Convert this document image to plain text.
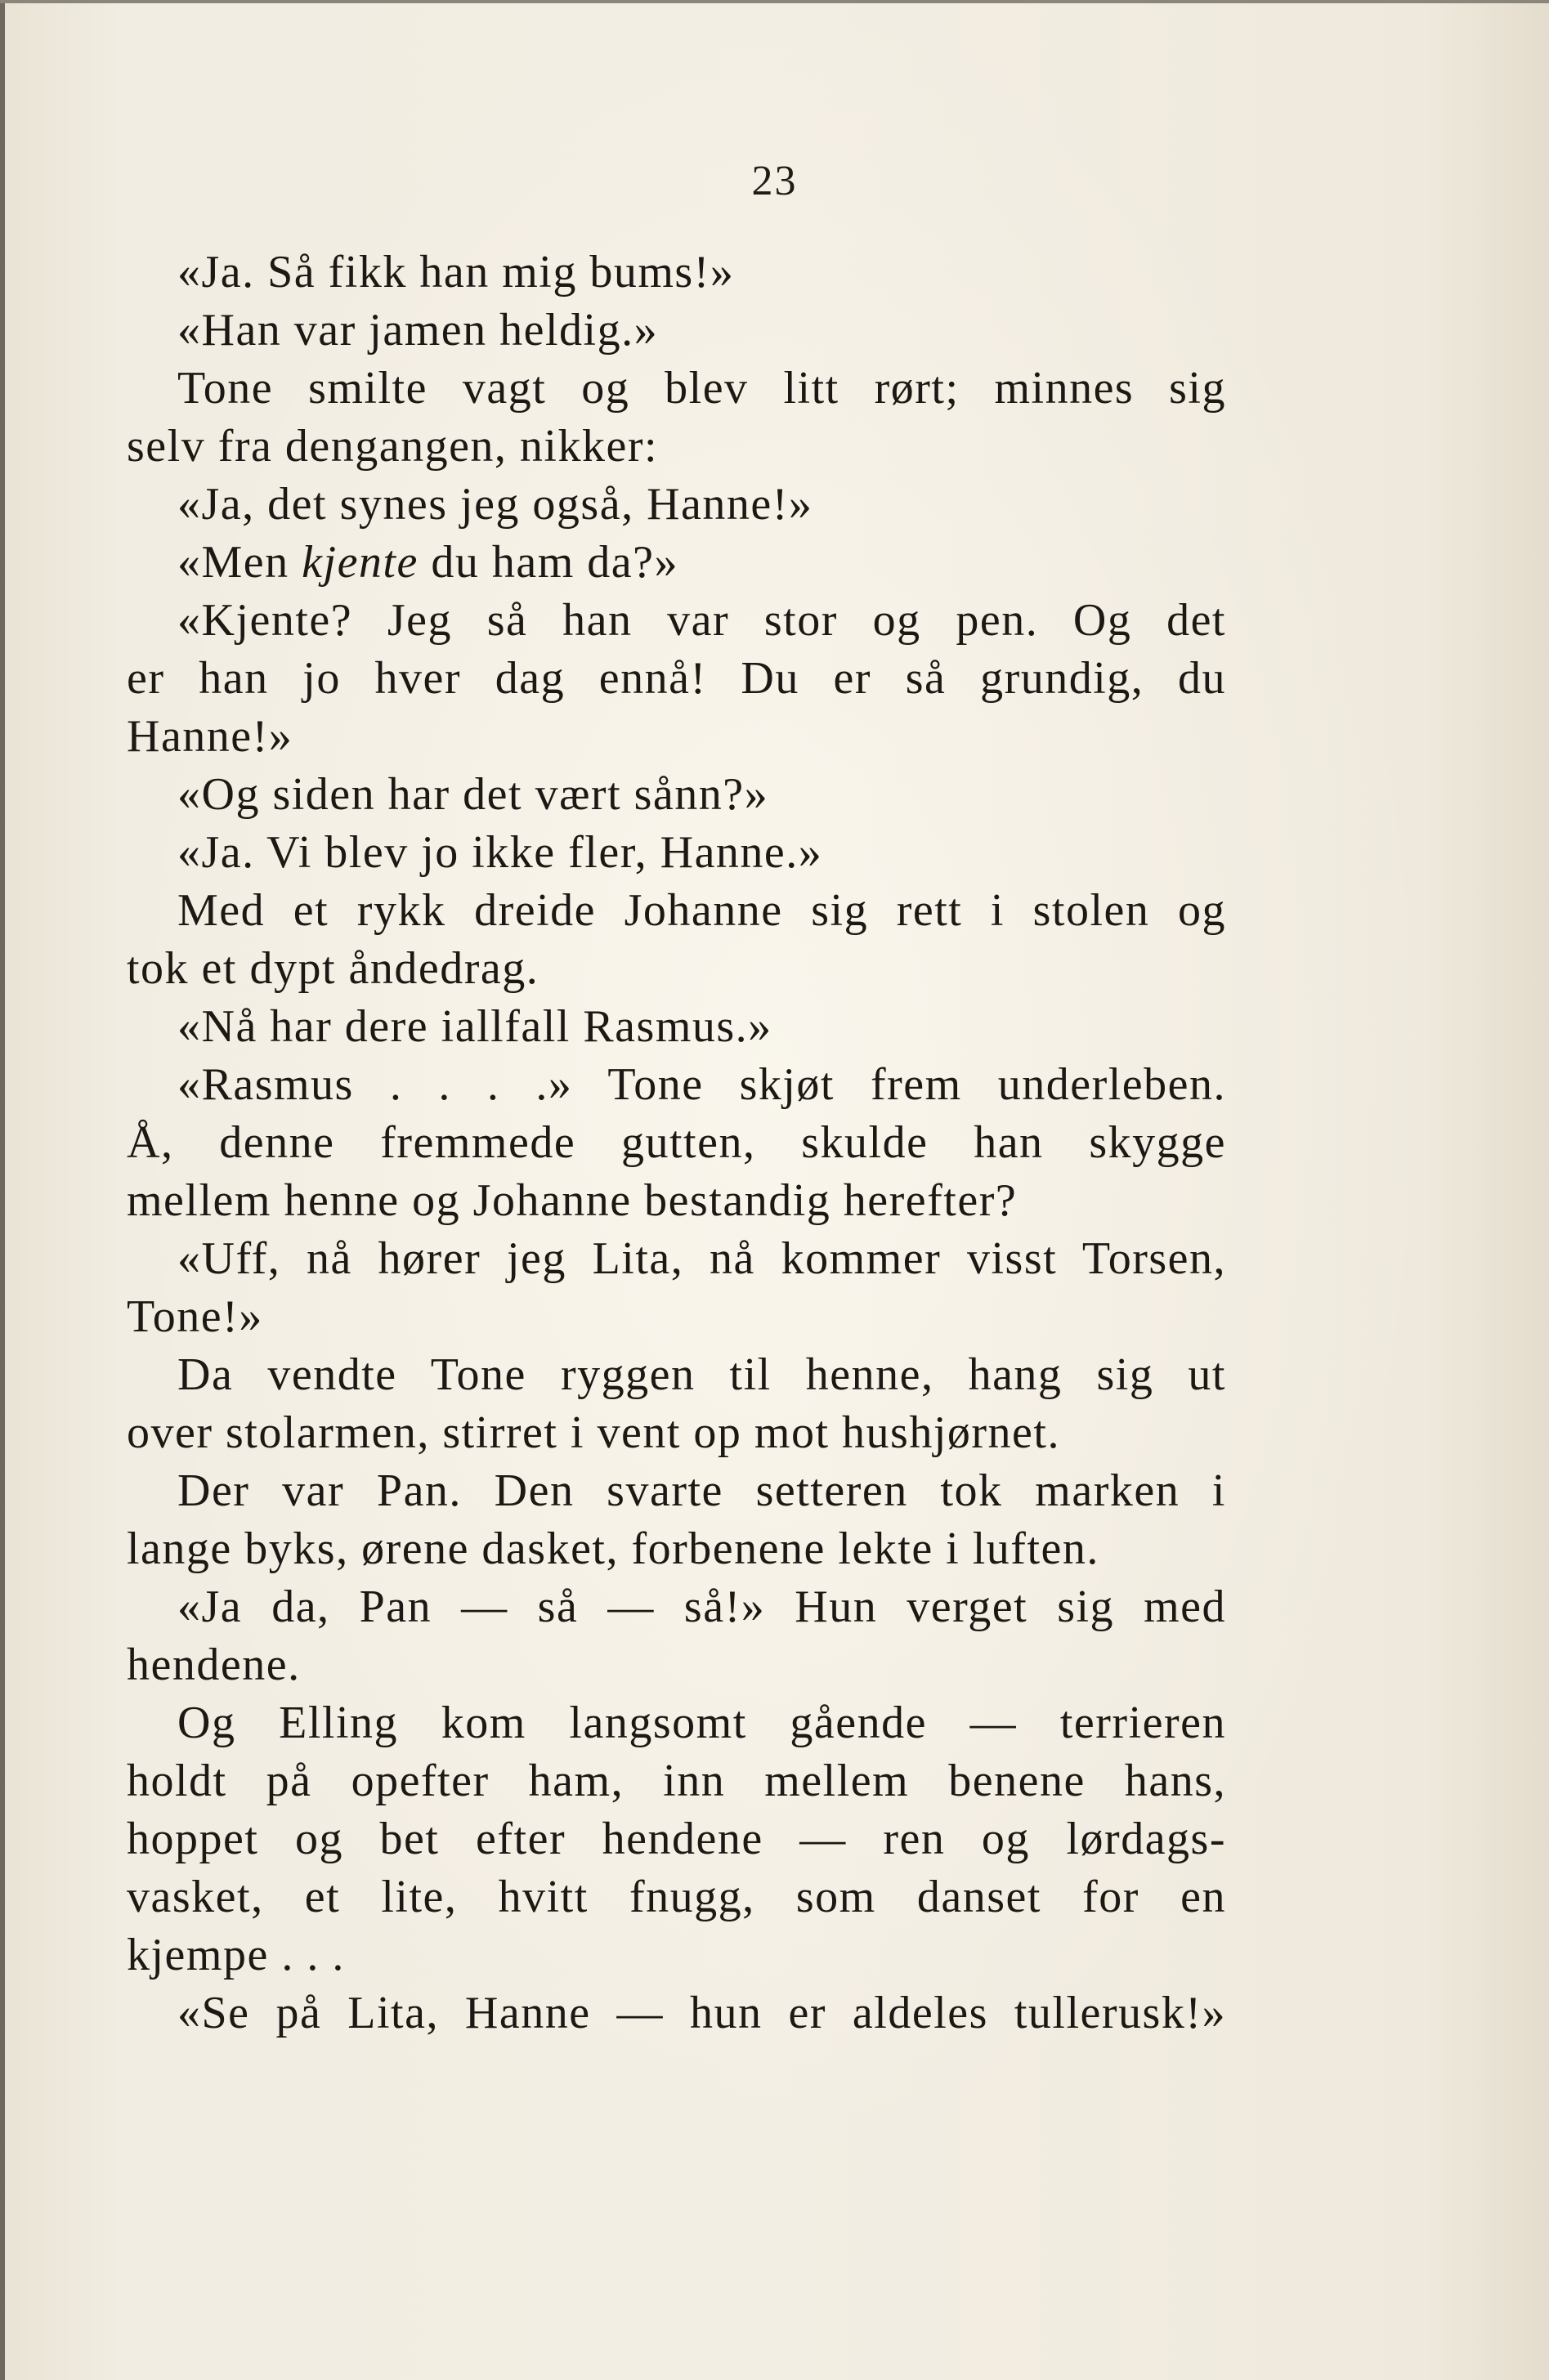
23
«Ja. Så fikk han mig bums!»
«Han var jamen heldig.»
Tone smilte vagt og blev litt rørt; minnes sig
selv fra dengangen, nikker:
«Ja, det synes jeg også, Hanne!»
«Men kjente du ham da?»
«Kjente? Jeg så han var stor og pen. Og det
er han jo hver dag ennå! Du er så grundig, du
Hanne!»
«Og siden har det vært sånn?»
«Ja. Vi blev jo ikke fler, Hanne.»
Med et rykk dreide Johanne sig rett i stolen og
tok et dypt åndedrag.
«Nå har dere iallfall Rasmus.»
«Rasmus . . . .» Tone skjøt frem underleben.
Å, denne fremmede gutten, skulde han skygge
mellem henne og Johanne bestandig herefter?
«Uff, nå hører jeg Lita, nå kommer visst Torsen,
Tone!»
Da vendte Tone ryggen til henne, hang sig ut
over stolarmen, stirret i vent op mot hushjørnet.
Der var Pan. Den svarte setteren tok marken i
lange byks, ørene dasket, forbenene lekte i luften.
«Ja da, Pan — så — så!» Hun verget sig med
hendene.
Og Elling kom langsomt gående — terrieren
holdt på opefter ham, inn mellem benene hans,
hoppet og bet efter hendene — ren og lørdags-
vasket, et lite, hvitt fnugg, som danset for en
kjempe . . .
«Se på Lita, Hanne — hun er aldeles tullerusk!»
